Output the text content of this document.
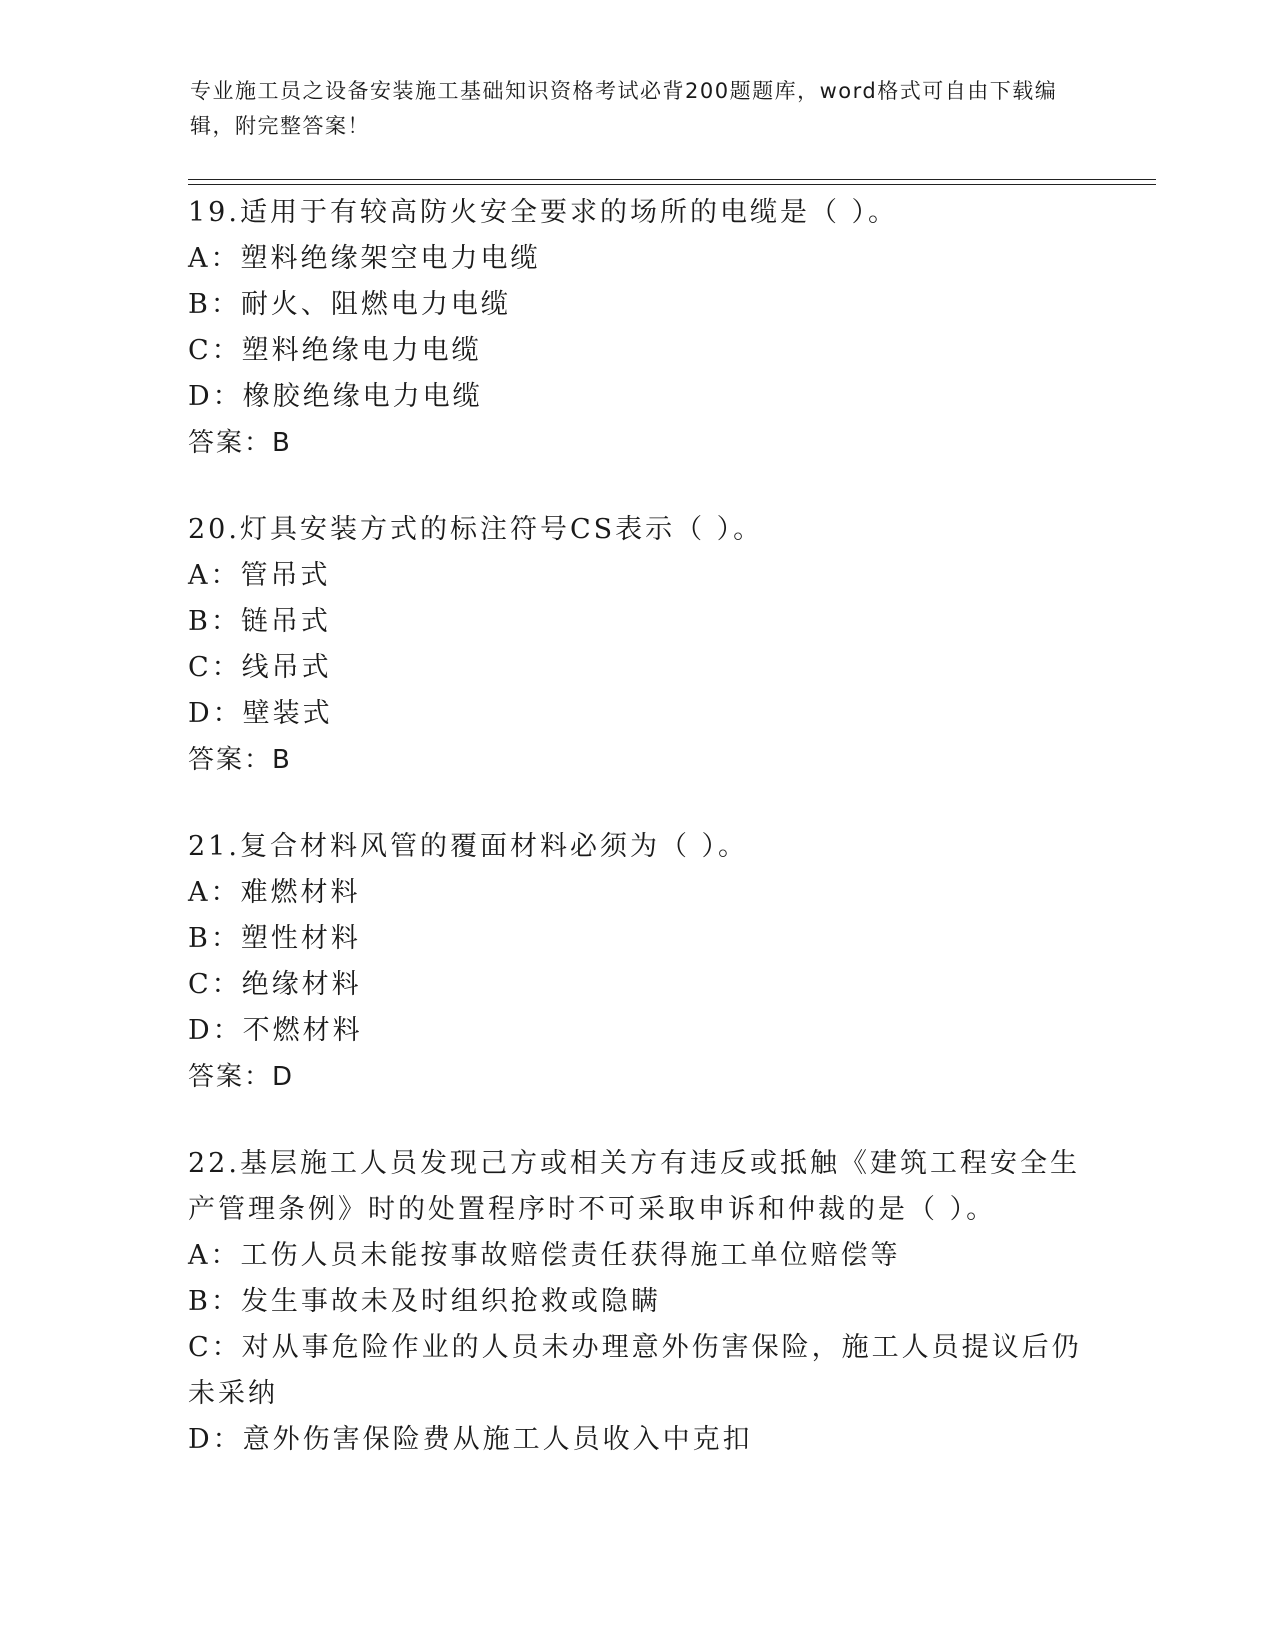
专业施工员之设备安装施工基础知识资格考试必背200题题库，word格式可自由下载编辑，附完整答案！
19.适用于有较高防火安全要求的场所的电缆是（ ）。
A：塑料绝缘架空电力电缆
B：耐火、阻燃电力电缆
C：塑料绝缘电力电缆
D：橡胶绝缘电力电缆
答案：B
20.灯具安装方式的标注符号CS表示（ ）。
A：管吊式
B：链吊式
C：线吊式
D：壁装式
答案：B
21.复合材料风管的覆面材料必须为（ ）。
A：难燃材料
B：塑性材料
C：绝缘材料
D：不燃材料
答案：D
22.基层施工人员发现己方或相关方有违反或抵触《建筑工程安全生产管理条例》时的处置程序时不可采取申诉和仲裁的是（ ）。
A：工伤人员未能按事故赔偿责任获得施工单位赔偿等
B：发生事故未及时组织抢救或隐瞒
C：对从事危险作业的人员未办理意外伤害保险，施工人员提议后仍未采纳
D：意外伤害保险费从施工人员收入中克扣
